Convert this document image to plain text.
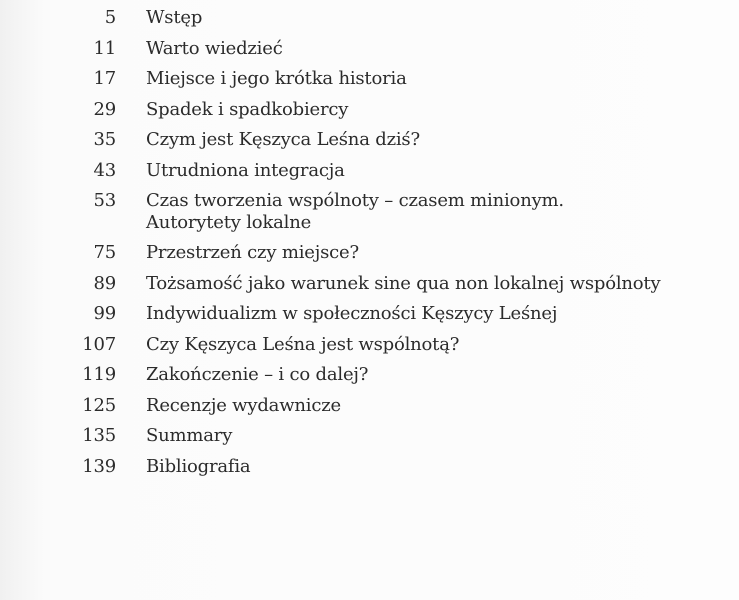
5 Wstęp
11 Warto wiedzieć
17 Miejsce i jego krótka historia
29 Spadek i spadkobiercy
35 Czym jest Kęszyca Leśna dziś?
43 Utrudniona integracja
53 Czas tworzenia wspólnoty – czasem minionym.
Autorytety lokalne
75 Przestrzeń czy miejsce?
89 Tożsamość jako warunek sine qua non lokalnej wspólnoty
99 Indywidualizm w społeczności Kęszycy Leśnej
107 Czy Kęszyca Leśna jest wspólnotą?
119 Zakończenie – i co dalej?
125 Recenzje wydawnicze
135 Summary
139 Bibliografia
